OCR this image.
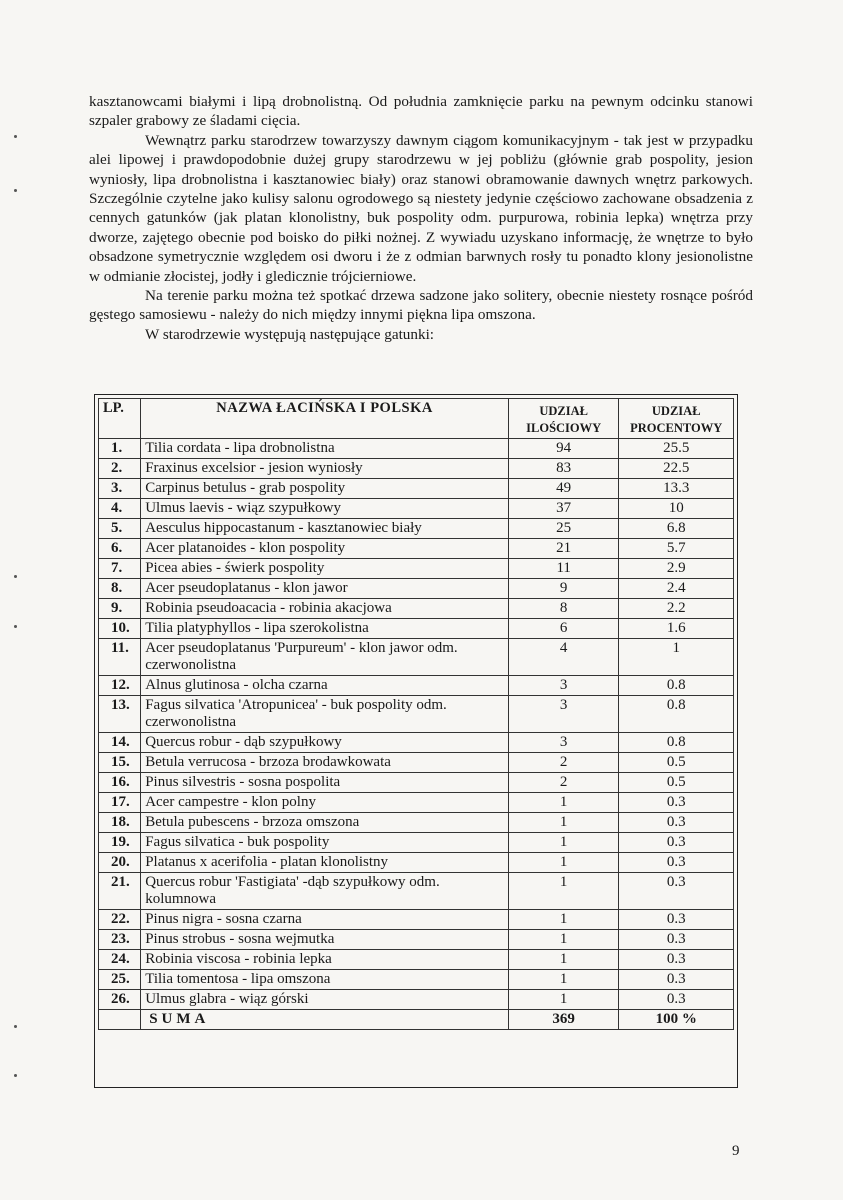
kasztanowcami białymi i lipą drobnolistną. Od południa zamknięcie parku na pewnym odcinku stanowi szpaler grabowy ze śladami cięcia.

Wewnątrz parku starodrzew towarzyszy dawnym ciągom komunikacyjnym - tak jest w przypadku alei lipowej i prawdopodobnie dużej grupy starodrzewu w jej pobliżu (głównie grab pospolity, jesion wyniosły, lipa drobnolistna i kasztanowiec biały) oraz stanowi obramowanie dawnych wnętrz parkowych. Szczególnie czytelne jako kulisy salonu ogrodowego są niestety jedynie częściowo zachowane obsadzenia z cennych gatunków (jak platan klonolistny, buk pospolity odm. purpurowa, robinia lepka) wnętrza przy dworze, zajętego obecnie pod boisko do piłki nożnej. Z wywiadu uzyskano informację, że wnętrze to było obsadzone symetrycznie względem osi dworu i że z odmian barwnych rosły tu ponadto klony jesionolistne w odmianie złocistej, jodły i gledicznie trójcierniowe.

Na terenie parku można też spotkać drzewa sadzone jako solitery, obecnie niestety rosnące pośród gęstego samosiewu - należy do nich między innymi piękna lipa omszona.

W starodrzewie występują następujące gatunki:

LP.	NAZWA ŁACIŃSKA I POLSKA	UDZIAŁ ILOŚCIOWY	UDZIAŁ PROCENTOWY
1.	Tilia cordata - lipa drobnolistna	94	25.5
2.	Fraxinus excelsior - jesion wyniosły	83	22.5
3.	Carpinus betulus - grab pospolity	49	13.3
4.	Ulmus laevis - wiąz szypułkowy	37	10
5.	Aesculus hippocastanum - kasztanowiec biały	25	6.8
6.	Acer platanoides - klon pospolity	21	5.7
7.	Picea abies - świerk pospolity	11	2.9
8.	Acer pseudoplatanus - klon jawor	9	2.4
9.	Robinia pseudoacacia - robinia akacjowa	8	2.2
10.	Tilia platyphyllos - lipa szerokolistna	6	1.6
11.	Acer pseudoplatanus 'Purpureum' - klon jawor odm. czerwonolistna	4	1
12.	Alnus glutinosa - olcha czarna	3	0.8
13.	Fagus silvatica 'Atropunicea' - buk pospolity odm. czerwonolistna	3	0.8
14.	Quercus robur - dąb szypułkowy	3	0.8
15.	Betula verrucosa - brzoza brodawkowata	2	0.5
16.	Pinus silvestris - sosna pospolita	2	0.5
17.	Acer campestre - klon polny	1	0.3
18.	Betula pubescens - brzoza omszona	1	0.3
19.	Fagus silvatica - buk pospolity	1	0.3
20.	Platanus x acerifolia - platan klonolistny	1	0.3
21.	Quercus robur 'Fastigiata' -dąb szypułkowy odm. kolumnowa	1	0.3
22.	Pinus nigra - sosna czarna	1	0.3
23.	Pinus strobus - sosna wejmutka	1	0.3
24.	Robinia viscosa - robinia lepka	1	0.3
25.	Tilia tomentosa - lipa omszona	1	0.3
26.	Ulmus glabra - wiąz górski	1	0.3
	SUMA	369	100 %
9
